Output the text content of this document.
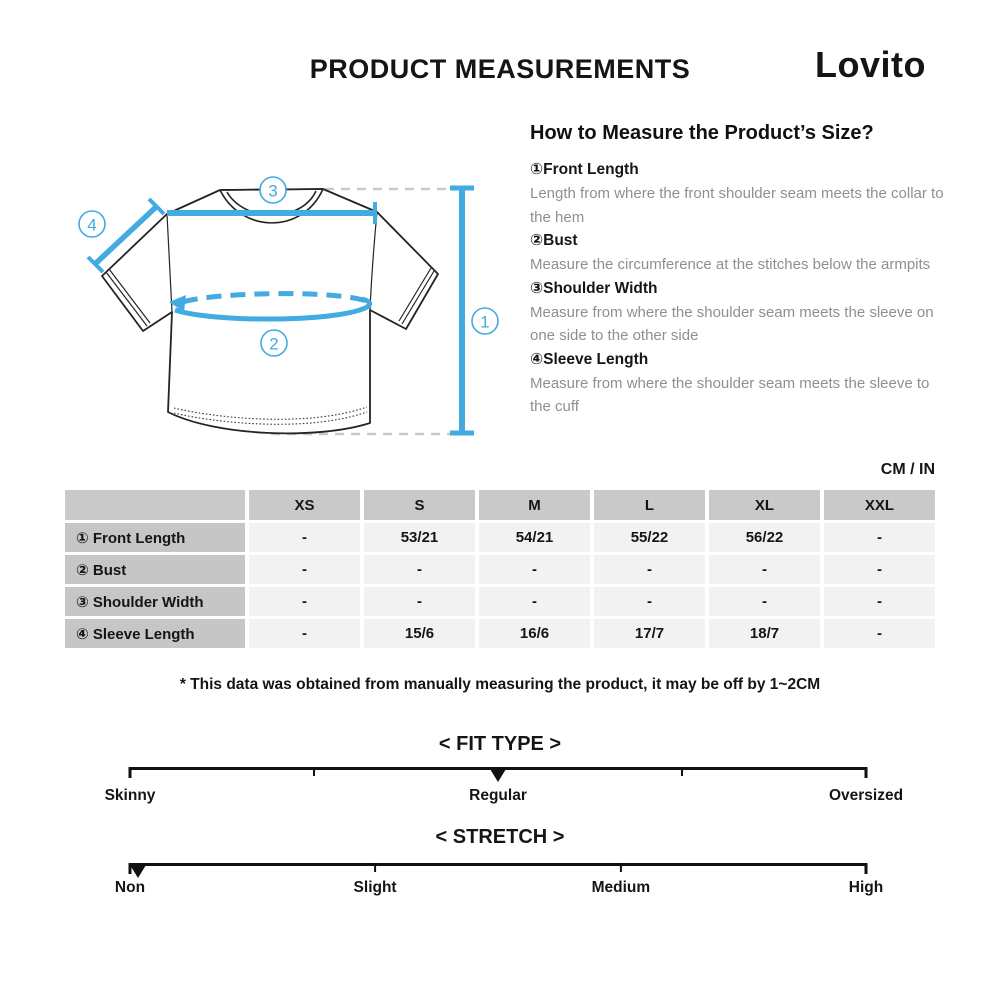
PRODUCT MEASUREMENTS	Lovito
3
4
2
1
How to Measure the Product’s Size?
①Front Length

Length from where the front shoulder seam meets the collar to the hem

②Bust

Measure the circumference at the stitches below the armpits

③Shoulder Width

Measure from where the shoulder seam meets the sleeve on one side to the other side

④Sleeve Length

Measure from where the shoulder seam meets the sleeve to the cuff

CM / IN
XS	S	M	L	XL	XXL
① Front Length	-	53/21	54/21	55/22	56/22	-
② Bust	-	-	-	-	-	-
③ Shoulder Width	-	-	-	-	-	-
④ Sleeve Length	-	15/6	16/6	17/7	18/7	-
* This data was obtained from manually measuring the product, it may be off by 1~2CM
< FIT TYPE >
Skinny	Regular	Oversized
< STRETCH >
Non	Slight	Medium	High
